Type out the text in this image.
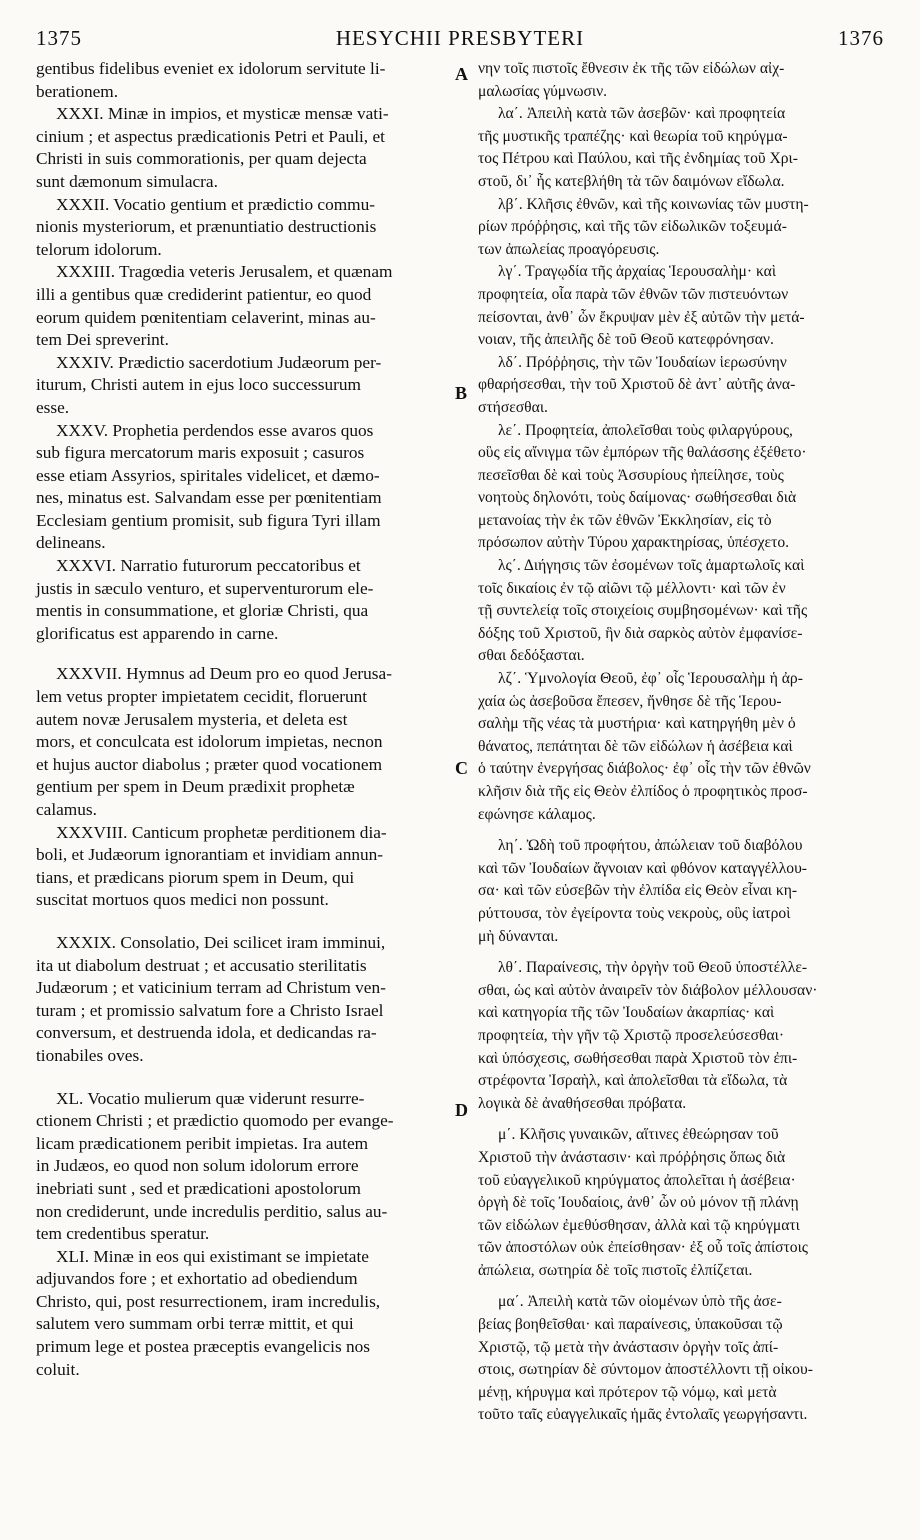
1375	HESYCHII PRESBYTERI	1376
A
B
C
D

gentibus fidelibus eveniet ex idolorum servitute li-
berationem.

XXXI. Minæ in impios, et mysticæ mensæ vati-
cinium ; et aspectus prædicationis Petri et Pauli, et
Christi in suis commorationis, per quam dejecta
sunt dæmonum simulacra.

XXXII. Vocatio gentium et prædictio commu-
nionis mysteriorum, et prænuntiatio destructionis
telorum idolorum.

XXXIII. Tragœdia veteris Jerusalem, et quænam
illi a gentibus quæ crediderint patientur, eo quod
eorum quidem pœnitentiam celaverint, minas au-
tem Dei spreverint.

XXXIV. Prædictio sacerdotium Judæorum per-
iturum, Christi autem in ejus loco successurum
esse.

XXXV. Prophetia perdendos esse avaros quos
sub figura mercatorum maris exposuit ; casuros
esse etiam Assyrios, spiritales videlicet, et dæmo-
nes, minatus est. Salvandam esse per pœnitentiam
Ecclesiam gentium promisit, sub figura Tyri illam
delineans.

XXXVI. Narratio futurorum peccatoribus et
justis in sæculo venturo, et superventurorum ele-
mentis in consummatione, et gloriæ Christi, qua
glorificatus est apparendo in carne.

XXXVII. Hymnus ad Deum pro eo quod Jerusa-
lem vetus propter impietatem cecidit, floruerunt
autem novæ Jerusalem mysteria, et deleta est
mors, et conculcata est idolorum impietas, necnon
et hujus auctor diabolus ; præter quod vocationem
gentium per spem in Deum prædixit prophetæ
calamus.

XXXVIII. Canticum prophetæ perditionem dia-
boli, et Judæorum ignorantiam et invidiam annun-
tians, et prædicans piorum spem in Deum, qui
suscitat mortuos quos medici non possunt.

XXXIX. Consolatio, Dei scilicet iram imminui,
ita ut diabolum destruat ; et accusatio sterilitatis
Judæorum ; et vaticinium terram ad Christum ven-
turam ; et promissio salvatum fore a Christo Israel
conversum, et destruenda idola, et dedicandas ra-
tionabiles oves.

XL. Vocatio mulierum quæ viderunt resurre-
ctionem Christi ; et prædictio quomodo per evange-
licam prædicationem peribit impietas. Ira autem
in Judæos, eo quod non solum idolorum errore
inebriati sunt , sed et prædicationi apostolorum
non crediderunt, unde incredulis perditio, salus au-
tem credentibus speratur.

XLI. Minæ in eos qui existimant se impietate
adjuvandos fore ; et exhortatio ad obediendum
Christo, qui, post resurrectionem, iram incredulis,
salutem vero summam orbi terræ mittit, et qui
primum lege et postea præceptis evangelicis nos
coluit.

νην τοῖς πιστοῖς ἔθνεσιν ἐκ τῆς τῶν εἰδώλων αἰχ-
μαλωσίας γύμνωσιν.

λα΄. Ἀπειλὴ κατὰ τῶν ἀσεβῶν· καὶ προφητεία
τῆς μυστικῆς τραπέζης· καὶ θεωρία τοῦ κηρύγμα-
τος Πέτρου καὶ Παύλου, καὶ τῆς ἐνδημίας τοῦ Χρι-
στοῦ, δι᾽ ἧς κατεβλήθη τὰ τῶν δαιμόνων εἴδωλα.

λβ΄. Κλῆσις ἐθνῶν, καὶ τῆς κοινωνίας τῶν μυστη-
ρίων πρόῤῥησις, καὶ τῆς τῶν εἰδωλικῶν τοξευμά-
των ἀπωλείας προαγόρευσις.

λγ΄. Τραγῳδία τῆς ἀρχαίας Ἱερουσαλὴμ· καὶ
προφητεία, οἷα παρὰ τῶν ἐθνῶν τῶν πιστευόντων
πείσονται, ἀνθ᾽ ὧν ἔκρυψαν μὲν ἐξ αὐτῶν τὴν μετά-
νοιαν, τῆς ἀπειλῆς δὲ τοῦ Θεοῦ κατεφρόνησαν.

λδ΄. Πρόῤῥησις, τὴν τῶν Ἰουδαίων ἱερωσύνην
φθαρήσεσθαι, τὴν τοῦ Χριστοῦ δὲ ἀντ᾽ αὐτῆς ἀνα-
στήσεσθαι.

λε΄. Προφητεία, ἀπολεῖσθαι τοὺς φιλαργύρους,
οὓς εἰς αἴνιγμα τῶν ἐμπόρων τῆς θαλάσσης ἐξέθετο·
πεσεῖσθαι δὲ καὶ τοὺς Ἀσσυρίους ἠπείλησε, τοὺς
νοητοὺς δηλονότι, τοὺς δαίμονας· σωθήσεσθαι διὰ
μετανοίας τὴν ἐκ τῶν ἐθνῶν Ἐκκλησίαν, εἰς τὸ
πρόσωπον αὐτὴν Τύρου χαρακτηρίσας, ὑπέσχετο.

λς΄. Διήγησις τῶν ἐσομένων τοῖς ἁμαρτωλοῖς καὶ
τοῖς δικαίοις ἐν τῷ αἰῶνι τῷ μέλλοντι· καὶ τῶν ἐν
τῇ συντελείᾳ τοῖς στοιχείοις συμβησομένων· καὶ τῆς
δόξης τοῦ Χριστοῦ, ἣν διὰ σαρκὸς αὐτὸν ἐμφανίσε-
σθαι δεδόξασται.

λζ΄. Ὑμνολογία Θεοῦ, ἐφ᾽ οἷς Ἱερουσαλὴμ ἡ ἀρ-
χαία ὡς ἀσεβοῦσα ἔπεσεν, ἤνθησε δὲ τῆς Ἱερου-
σαλὴμ τῆς νέας τὰ μυστήρια· καὶ κατηργήθη μὲν ὁ
θάνατος, πεπάτηται δὲ τῶν εἰδώλων ἡ ἀσέβεια καὶ
ὁ ταύτην ἐνεργήσας διάβολος· ἐφ᾽ οἷς τὴν τῶν ἐθνῶν
κλῆσιν διὰ τῆς εἰς Θεὸν ἐλπίδος ὁ προφητικὸς προσ-
εφώνησε κάλαμος.

λη΄. Ὠδὴ τοῦ προφήτου, ἀπώλειαν τοῦ διαβόλου
καὶ τῶν Ἰουδαίων ἄγνοιαν καὶ φθόνον καταγγέλλου-
σα· καὶ τῶν εὐσεβῶν τὴν ἐλπίδα εἰς Θεὸν εἶναι κη-
ρύττουσα, τὸν ἐγείροντα τοὺς νεκροὺς, οὓς ἰατροὶ
μὴ δύνανται.

λθ΄. Παραίνεσις, τὴν ὀργὴν τοῦ Θεοῦ ὑποστέλλε-
σθαι, ὡς καὶ αὐτὸν ἀναιρεῖν τὸν διάβολον μέλλουσαν·
καὶ κατηγορία τῆς τῶν Ἰουδαίων ἀκαρπίας· καὶ
προφητεία, τὴν γῆν τῷ Χριστῷ προσελεύσεσθαι·
καὶ ὑπόσχεσις, σωθήσεσθαι παρὰ Χριστοῦ τὸν ἐπι-
στρέφοντα Ἰσραὴλ, καὶ ἀπολεῖσθαι τὰ εἴδωλα, τὰ
λογικὰ δὲ ἀναθήσεσθαι πρόβατα.

μ΄. Κλῆσις γυναικῶν, αἵτινες ἐθεώρησαν τοῦ
Χριστοῦ τὴν ἀνάστασιν· καὶ πρόῤῥησις ὅπως διὰ
τοῦ εὐαγγελικοῦ κηρύγματος ἀπολεῖται ἡ ἀσέβεια·
ὀργὴ δὲ τοῖς Ἰουδαίοις, ἀνθ᾽ ὧν οὐ μόνον τῇ πλάνῃ
τῶν εἰδώλων ἐμεθύσθησαν, ἀλλὰ καὶ τῷ κηρύγματι
τῶν ἀποστόλων οὐκ ἐπείσθησαν· ἐξ οὗ τοῖς ἀπίστοις
ἀπώλεια, σωτηρία δὲ τοῖς πιστοῖς ἐλπίζεται.

μα΄. Ἀπειλὴ κατὰ τῶν οἰομένων ὑπὸ τῆς ἀσε-
βείας βοηθεῖσθαι· καὶ παραίνεσις, ὑπακοῦσαι τῷ
Χριστῷ, τῷ μετὰ τὴν ἀνάστασιν ὀργὴν τοῖς ἀπί-
στοις, σωτηρίαν δὲ σύντομον ἀποστέλλοντι τῇ οἰκου-
μένῃ, κήρυγμα καὶ πρότερον τῷ νόμῳ, καὶ μετὰ
τοῦτο ταῖς εὐαγγελικαῖς ἡμᾶς ἐντολαῖς γεωργήσαντι.
